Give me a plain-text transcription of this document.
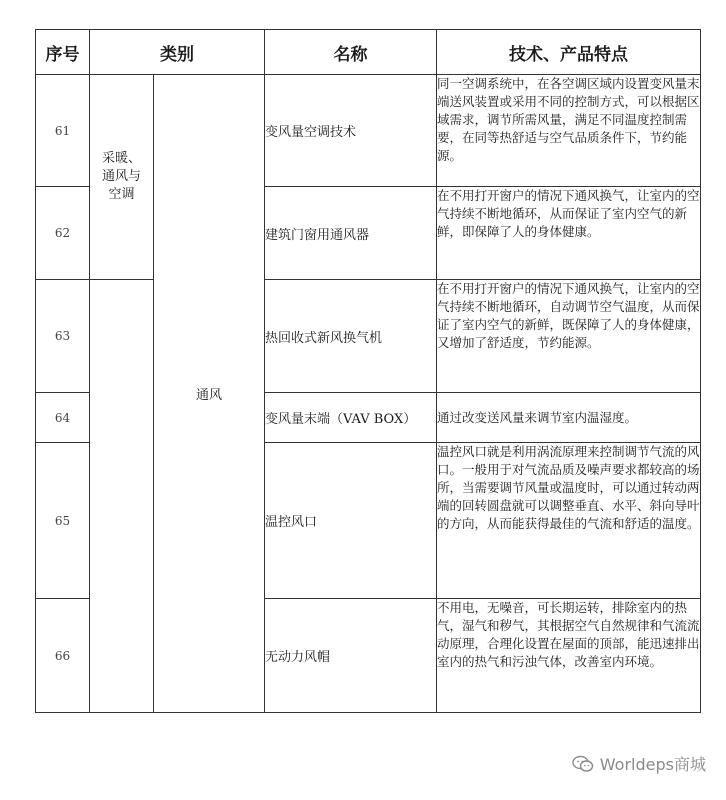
序号	类别		名称	技术、产品特点
61	采暖、
通风与
空调	通风	变风量空调技术	同一空调系统中，在各空调区域内设置变风量末端送风装置或采用不同的控制方式，可以根据区域需求，调节所需风量，满足不同温度控制需要，在同等热舒适与空气品质条件下，节约能源。
62			建筑门窗用通风器	在不用打开窗户的情况下通风换气，让室内的空气持续不断地循环，从而保证了室内空气的新鲜，即保障了人的身体健康。
63			热回收式新风换气机	在不用打开窗户的情况下通风换气，让室内的空气持续不断地循环，自动调节空气温度，从而保证了室内空气的新鲜，既保障了人的身体健康，又增加了舒适度，节约能源。
64			变风量末端（VAV BOX）	通过改变送风量来调节室内温湿度。
65			温控风口	温控风口就是利用涡流原理来控制调节气流的风口。一般用于对气流品质及噪声要求都较高的场所，当需要调节风量或温度时，可以通过转动两端的回转圆盘就可以调整垂直、水平、斜向导叶的方向，从而能获得最佳的气流和舒适的温度。
66			无动力风帽	不用电，无噪音，可长期运转，排除室内的热气，湿气和秽气，其根据空气自然规律和气流流动原理，合理化设置在屋面的顶部，能迅速排出室内的热气和污浊气体，改善室内环境。
Worldeps商城
